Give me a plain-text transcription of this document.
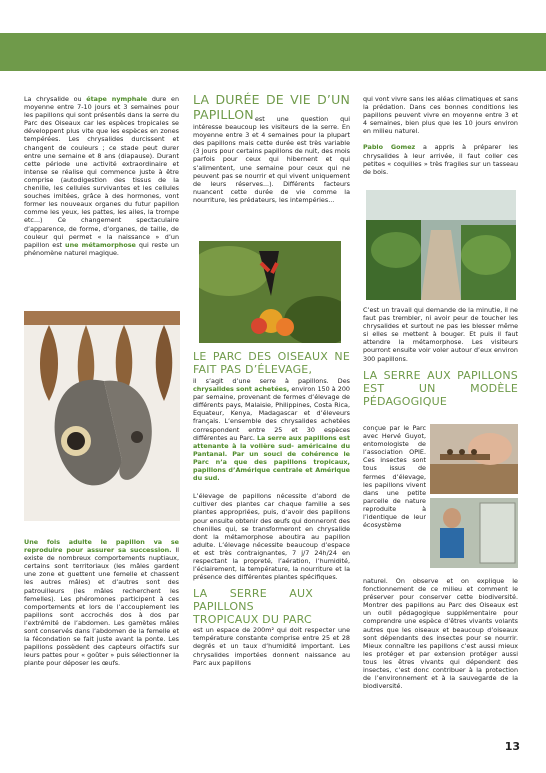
La chrysalide ou étape nymphale dure en moyenne entre 7-10 jours et 3 semaines pour les papillons qui sont présentés dans la serre du Parc des Oiseaux car les espèces tropicales se développent plus vite que les espèces en zones tempérées. Les chrysalides durcissent et changent de couleurs ; ce stade peut durer entre une semaine et 8 ans (diapause). Durant cette période une activité extraordinaire et intense se réalise qui commence juste à être comprise (autodigestion des tissus de la chenille, les cellules survivantes et les cellules souches imitées, grâce à des hormones, vont former les nouveaux organes du futur papillon comme les yeux, les pattes, les ailes, la trompe etc...) Ce changement spectaculaire d’apparence, de forme, d’organes, de taille, de couleur qui permet « la naissance » d’un papillon est une métamorphose qui reste un phénomène naturel magique.

Une fois adulte le papillon va se reproduire pour assurer sa succession. Il existe de nombreux comportements nuptiaux, certains sont territoriaux (les mâles gardent une zone et guettent une femelle et chassent les autres mâles) et d’autres sont des patrouilleurs (les mâles recherchent les femelles). Les phéromones participent à ces comportements et lors de l’accouplement les papillons sont accrochés dos à dos par l’extrémité de l’abdomen. Les gamètes mâles sont conservés dans l’abdomen de la femelle et la fécondation se fait juste avant la ponte. Les papillons possèdent des capteurs olfactifs sur leurs pattes pour « goûter » puis sélectionner la plante pour déposer les œufs.

LA DURÉE DE VIE D’UN PAPILLON est une question qui intéresse beaucoup les visiteurs de la serre. En moyenne entre 3 et 4 semaines pour la plupart des papillons mais cette durée est très variable (3 jours pour certains papillons de nuit, des mois parfois pour ceux qui hibernent et qui s’alimentent, une semaine pour ceux qui ne peuvent pas se nourrir et qui vivent uniquement de leurs réserves...). Différents facteurs nuancent cette durée de vie comme la nourriture, les prédateurs, les intempéries...

LE PARC DES OISEAUX NE FAIT PAS D’ÉLEVAGE,

il s’agit d’une serre à papillons. Des chrysalides sont achetées, environ 150 à 200 par semaine, provenant de fermes d’élevage de différents pays, Malaisie, Philippines, Costa Rica, Equateur, Kenya, Madagascar et d’éleveurs français. L’ensemble des chrysalides achetées correspondent entre 25 et 30 espèces différentes au Parc. La serre aux papillons est attenante à la volière sud- américaine du Pantanal. Par un souci de cohérence le Parc n’a que des papillons tropicaux, papillons d’Amérique centrale et Amérique du sud.

L’élevage de papillons nécessite d’abord de cultiver des plantes car chaque famille a ses plantes appropriées, puis, d’avoir des papillons pour ensuite obtenir des œufs qui donneront des chenilles qui, se transformeront en chrysalide dont la métamorphose aboutira au papillon adulte. L’élevage nécessite beaucoup d’espace et est très contraignantes, 7 j/7 24h/24 en respectant la propreté, l’aération, l’humidité, l’éclairement, la température, la nourriture et la présence des différentes plantes spécifiques.

LA SERRE AUX PAPILLONS TROPICAUX DU PARC

est un espace de 200m² qui doit respecter une température constante comprise entre 25 et 28 degrés et un taux d’humidité important. Les chrysalides importées donnent naissance au Parc aux papillons

qui vont vivre sans les aléas climatiques et sans la prédation. Dans ces bonnes conditions les papillons peuvent vivre en moyenne entre 3 et 4 semaines, bien plus que les 10 jours environ en milieu naturel.

Pablo Gomez a appris à préparer les chrysalides à leur arrivée, il faut coller ces petites « coquilles » très fragiles sur un tasseau de bois.

C’est un travail qui demande de la minutie, il ne faut pas trembler, ni avoir peur de toucher les chrysalides et surtout ne pas les blesser même si elles se mettent à bouger. Et puis il faut attendre la métamorphose. Les visiteurs pourront ensuite voir voler autour d’eux environ 300 papillons.

LA SERRE AUX PAPILLONS EST UN MODÈLE PÉDAGOGIQUE

conçue par le Parc avec Hervé Guyot, entomologiste de l’association OPIE. Ces insectes sont tous issus de fermes d’élevage, les papillons vivent dans une petite parcelle de nature reproduite à l’identique de leur écosystème

naturel. On observe et on explique le fonctionnement de ce milieu et comment le préserver pour conserver cette biodiversité. Montrer des papillons au Parc des Oiseaux est un outil pédagogique supplémentaire pour comprendre une espèce d’êtres vivants volants autres que les oiseaux et beaucoup d’oiseaux sont dépendants des insectes pour se nourrir. Mieux connaître les papillons c’est aussi mieux les protéger et par extension protéger aussi tous les êtres vivants qui dépendent des insectes, c’est donc contribuer à la protection de l’environnement et à la sauvegarde de la biodiversité.

13
